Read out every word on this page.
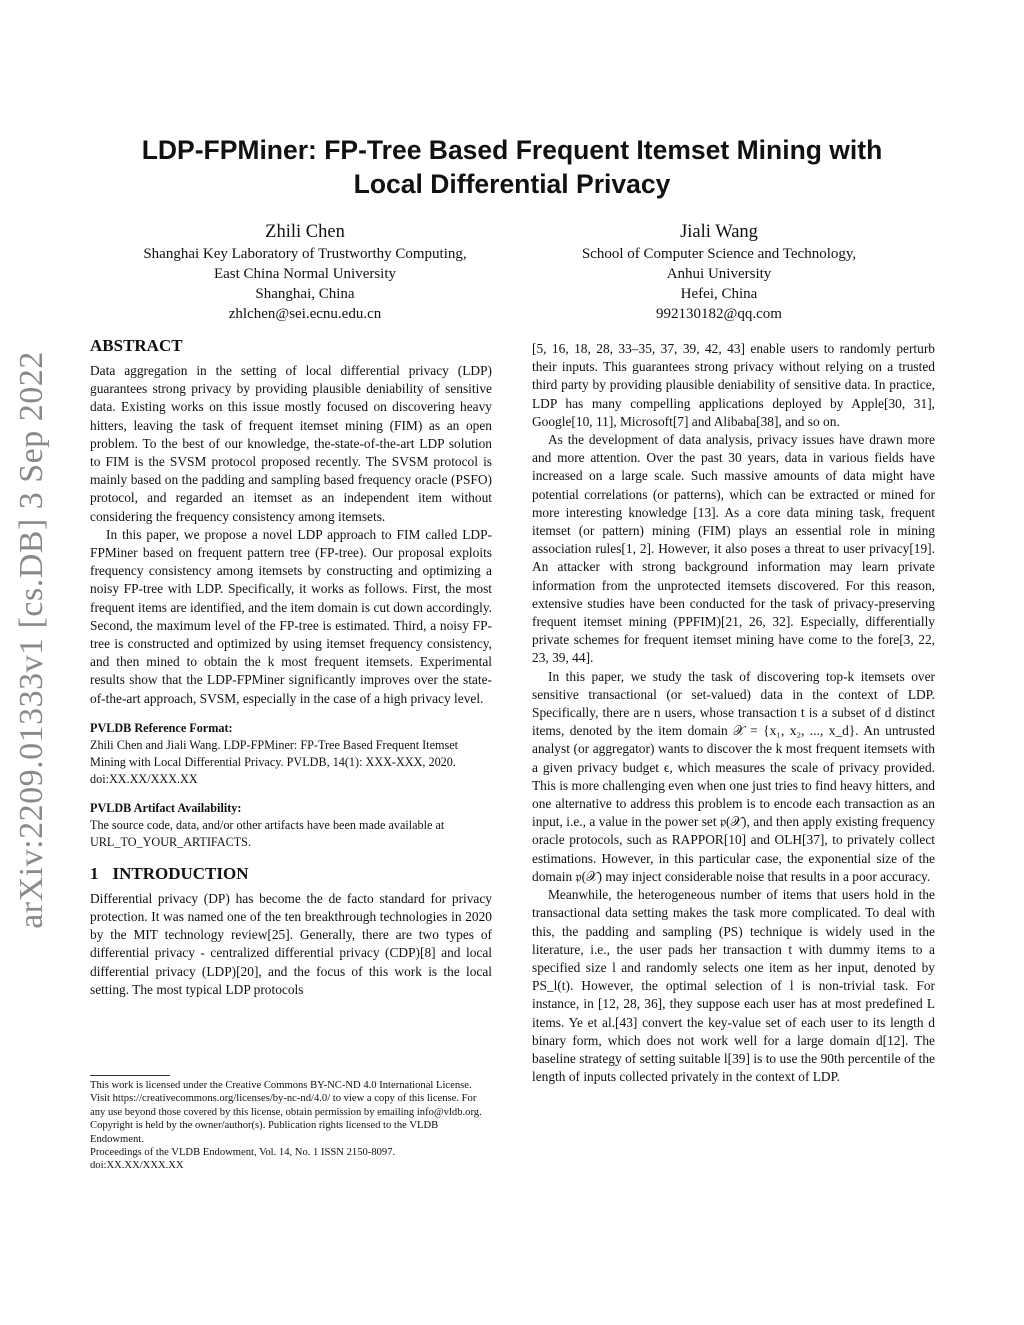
arXiv:2209.01333v1 [cs.DB] 3 Sep 2022
LDP-FPMiner: FP-Tree Based Frequent Itemset Mining with
Local Differential Privacy
Zhili Chen
Shanghai Key Laboratory of Trustworthy Computing,
East China Normal University
Shanghai, China
zhlchen@sei.ecnu.edu.cn
Jiali Wang
School of Computer Science and Technology,
Anhui University
Hefei, China
992130182@qq.com
ABSTRACT

Data aggregation in the setting of local differential privacy (LDP) guarantees strong privacy by providing plausible deniability of sensitive data. Existing works on this issue mostly focused on discovering heavy hitters, leaving the task of frequent itemset mining (FIM) as an open problem. To the best of our knowledge, the-state-of-the-art LDP solution to FIM is the SVSM protocol proposed recently. The SVSM protocol is mainly based on the padding and sampling based frequency oracle (PSFO) protocol, and regarded an itemset as an independent item without considering the frequency consistency among itemsets.

In this paper, we propose a novel LDP approach to FIM called LDP-FPMiner based on frequent pattern tree (FP-tree). Our proposal exploits frequency consistency among itemsets by constructing and optimizing a noisy FP-tree with LDP. Specifically, it works as follows. First, the most frequent items are identified, and the item domain is cut down accordingly. Second, the maximum level of the FP-tree is estimated. Third, a noisy FP-tree is constructed and optimized by using itemset frequency consistency, and then mined to obtain the k most frequent itemsets. Experimental results show that the LDP-FPMiner significantly improves over the state-of-the-art approach, SVSM, especially in the case of a high privacy level.

PVLDB Reference Format:

Zhili Chen and Jiali Wang. LDP-FPMiner: FP-Tree Based Frequent Itemset Mining with Local Differential Privacy. PVLDB, 14(1): XXX-XXX, 2020.

doi:XX.XX/XXX.XX

PVLDB Artifact Availability:

The source code, data, and/or other artifacts have been made available at URL_TO_YOUR_ARTIFACTS.

1 INTRODUCTION

Differential privacy (DP) has become the de facto standard for privacy protection. It was named one of the ten breakthrough technologies in 2020 by the MIT technology review[25]. Generally, there are two types of differential privacy - centralized differential privacy (CDP)[8] and local differential privacy (LDP)[20], and the focus of this work is the local setting. The most typical LDP protocols

This work is licensed under the Creative Commons BY-NC-ND 4.0 International License. Visit https://creativecommons.org/licenses/by-nc-nd/4.0/ to view a copy of this license. For any use beyond those covered by this license, obtain permission by emailing info@vldb.org. Copyright is held by the owner/author(s). Publication rights licensed to the VLDB Endowment.

Proceedings of the VLDB Endowment, Vol. 14, No. 1 ISSN 2150-8097.

doi:XX.XX/XXX.XX

[5, 16, 18, 28, 33–35, 37, 39, 42, 43] enable users to randomly perturb their inputs. This guarantees strong privacy without relying on a trusted third party by providing plausible deniability of sensitive data. In practice, LDP has many compelling applications deployed by Apple[30, 31], Google[10, 11], Microsoft[7] and Alibaba[38], and so on.

As the development of data analysis, privacy issues have drawn more and more attention. Over the past 30 years, data in various fields have increased on a large scale. Such massive amounts of data might have potential correlations (or patterns), which can be extracted or mined for more interesting knowledge [13]. As a core data mining task, frequent itemset (or pattern) mining (FIM) plays an essential role in mining association rules[1, 2]. However, it also poses a threat to user privacy[19]. An attacker with strong background information may learn private information from the unprotected itemsets discovered. For this reason, extensive studies have been conducted for the task of privacy-preserving frequent itemset mining (PPFIM)[21, 26, 32]. Especially, differentially private schemes for frequent itemset mining have come to the fore[3, 22, 23, 39, 44].

In this paper, we study the task of discovering top-k itemsets over sensitive transactional (or set-valued) data in the context of LDP. Specifically, there are n users, whose transaction t is a subset of d distinct items, denoted by the item domain 𝒳 = {x₁, x₂, ..., x_d}. An untrusted analyst (or aggregator) wants to discover the k most frequent itemsets with a given privacy budget ϵ, which measures the scale of privacy provided. This is more challenging even when one just tries to find heavy hitters, and one alternative to address this problem is to encode each transaction as an input, i.e., a value in the power set 𝔭(𝒳), and then apply existing frequency oracle protocols, such as RAPPOR[10] and OLH[37], to privately collect estimations. However, in this particular case, the exponential size of the domain 𝔭(𝒳) may inject considerable noise that results in a poor accuracy.

Meanwhile, the heterogeneous number of items that users hold in the transactional data setting makes the task more complicated. To deal with this, the padding and sampling (PS) technique is widely used in the literature, i.e., the user pads her transaction t with dummy items to a specified size l and randomly selects one item as her input, denoted by PS_l(t). However, the optimal selection of l is non-trivial task. For instance, in [12, 28, 36], they suppose each user has at most predefined L items. Ye et al.[43] convert the key-value set of each user to its length d binary form, which does not work well for a large domain d[12]. The baseline strategy of setting suitable l[39] is to use the 90th percentile of the length of inputs collected privately in the context of LDP.
